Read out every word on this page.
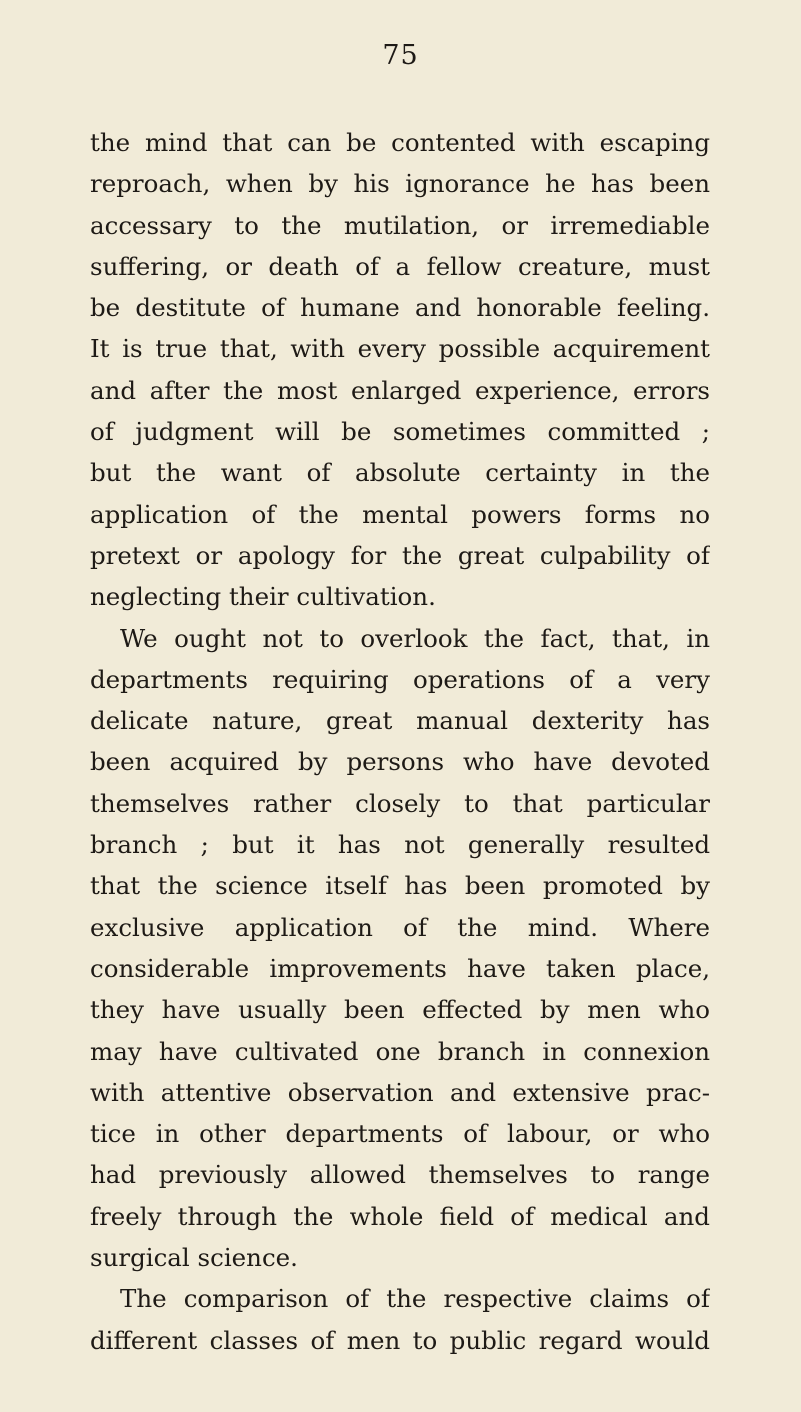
75
the mind that can be contented with escaping
reproach, when by his ignorance he has been
accessary to the mutilation, or irremediable
suffering, or death of a fellow creature, must
be destitute of humane and honorable feeling.
It is true that, with every possible acquirement
and after the most enlarged experience, errors
of judgment will be sometimes committed ;
but the want of absolute certainty in the
application of the mental powers forms no
pretext or apology for the great culpability of
neglecting their cultivation.
We ought not to overlook the fact, that, in
departments requiring operations of a very
delicate nature, great manual dexterity has
been acquired by persons who have devoted
themselves rather closely to that particular
branch ; but it has not generally resulted
that the science itself has been promoted by
exclusive application of the mind. Where
considerable improvements have taken place,
they have usually been effected by men who
may have cultivated one branch in connexion
with attentive observation and extensive prac-
tice in other departments of labour, or who
had previously allowed themselves to range
freely through the whole field of medical and
surgical science.
The comparison of the respective claims of
different classes of men to public regard would
